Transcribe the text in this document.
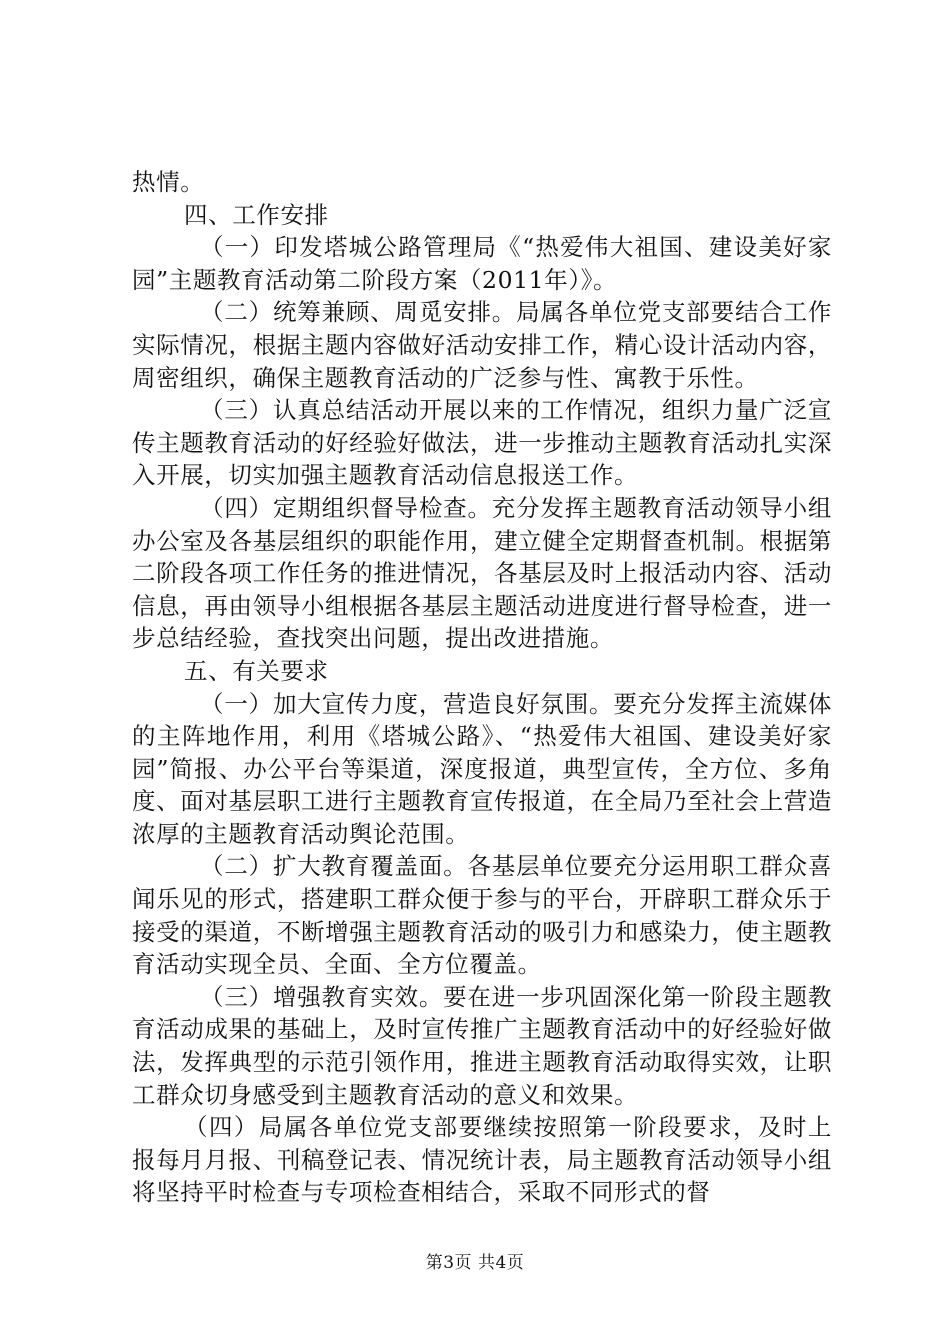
热情。

四、工作安排

（一）印发塔城公路管理局《“热爱伟大祖国、建设美好家园”主题教育活动第二阶段方案（2011年）》。

（二）统筹兼顾、周觅安排。局属各单位党支部要结合工作实际情况，根据主题内容做好活动安排工作，精心设计活动内容，周密组织，确保主题教育活动的广泛参与性、寓教于乐性。

（三）认真总结活动开展以来的工作情况，组织力量广泛宣传主题教育活动的好经验好做法，进一步推动主题教育活动扎实深入开展，切实加强主题教育活动信息报送工作。

（四）定期组织督导检查。充分发挥主题教育活动领导小组办公室及各基层组织的职能作用，建立健全定期督查机制。根据第二阶段各项工作任务的推进情况，各基层及时上报活动内容、活动信息，再由领导小组根据各基层主题活动进度进行督导检查，进一步总结经验，查找突出问题，提出改进措施。

五、有关要求

（一）加大宣传力度，营造良好氛围。要充分发挥主流媒体的主阵地作用，利用《塔城公路》、“热爱伟大祖国、建设美好家园”简报、办公平台等渠道，深度报道，典型宣传，全方位、多角度、面对基层职工进行主题教育宣传报道，在全局乃至社会上营造浓厚的主题教育活动舆论范围。

（二）扩大教育覆盖面。各基层单位要充分运用职工群众喜闻乐见的形式，搭建职工群众便于参与的平台，开辟职工群众乐于接受的渠道，不断增强主题教育活动的吸引力和感染力，使主题教育活动实现全员、全面、全方位覆盖。

（三）增强教育实效。要在进一步巩固深化第一阶段主题教育活动成果的基础上，及时宣传推广主题教育活动中的好经验好做法，发挥典型的示范引领作用，推进主题教育活动取得实效，让职工群众切身感受到主题教育活动的意义和效果。

（四）局属各单位党支部要继续按照第一阶段要求，及时上报每月月报、刊稿登记表、情况统计表，局主题教育活动领导小组将坚持平时检查与专项检查相结合，采取不同形式的督

第3页 共4页
